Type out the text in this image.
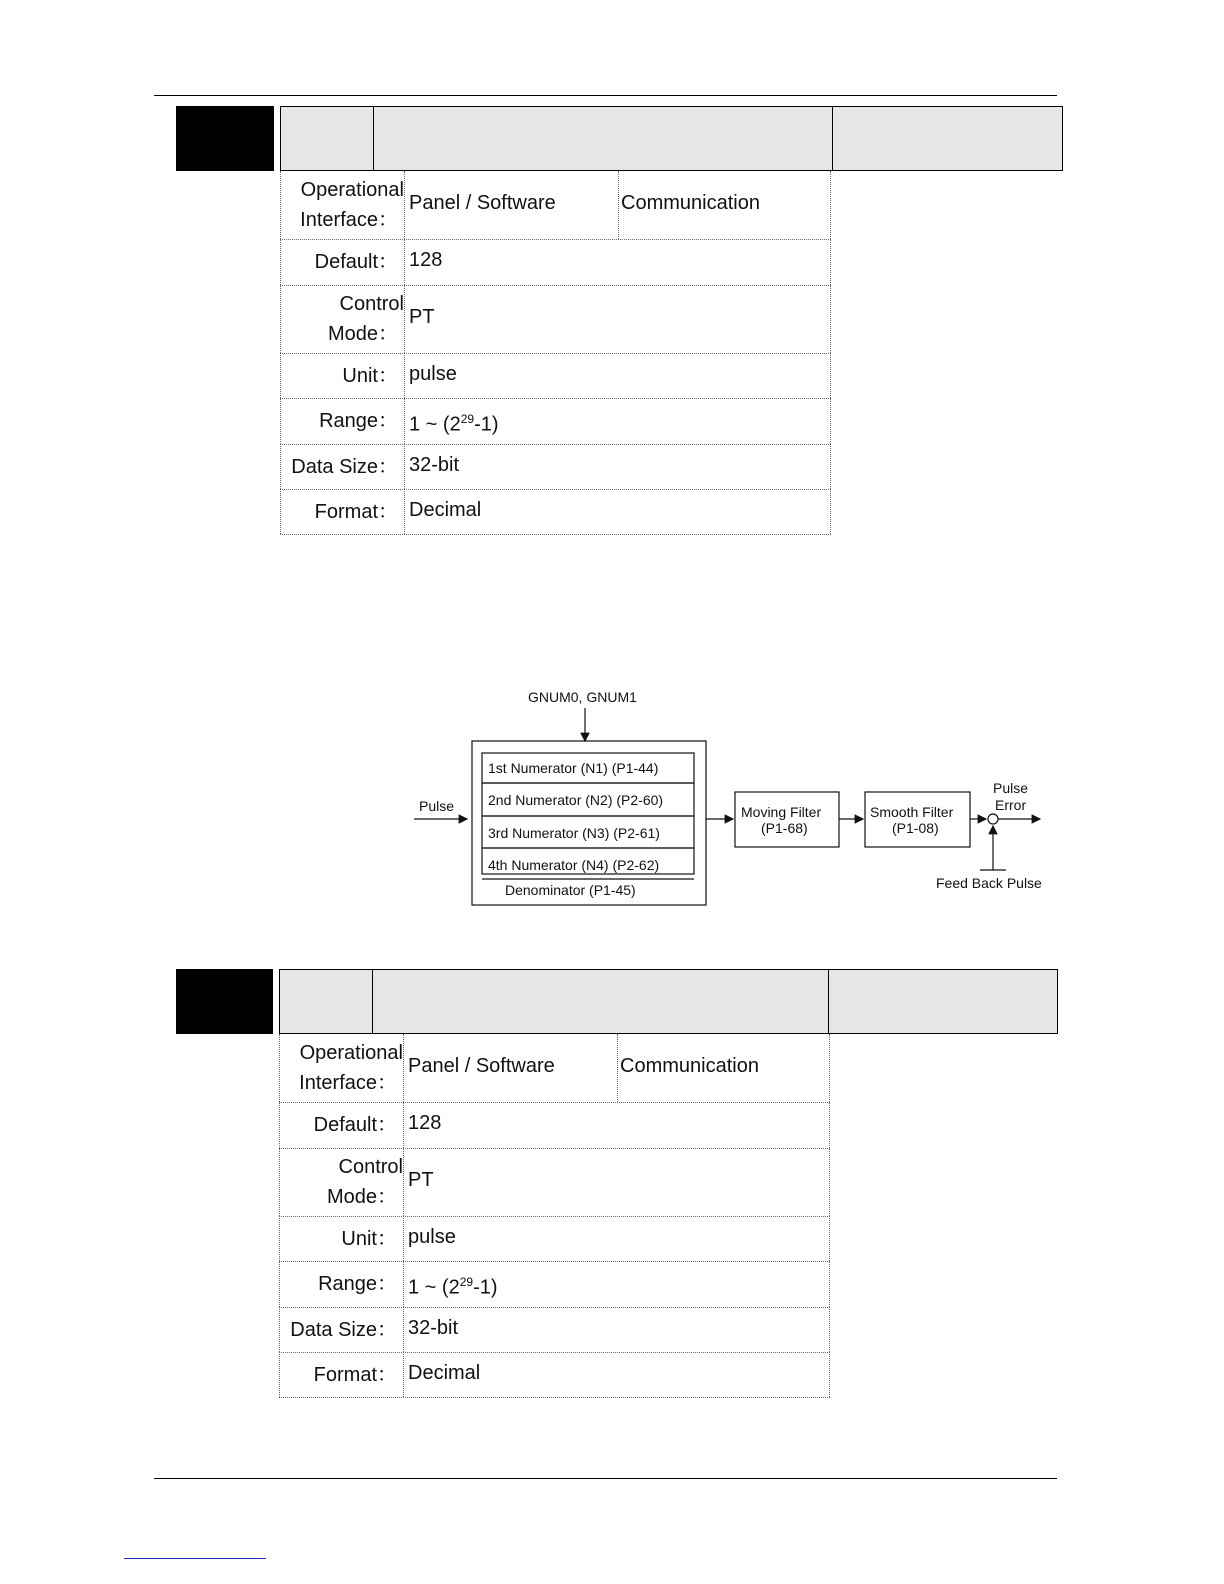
Operational
Interface：
Panel / Software	Communication
Default： 128
Control
Mode：
PT
Unit： pulse
Range： 1 ~ $(2^{29}-1)$
Data Size： 32-bit
Format： Decimal
GNUM0, GNUM1
Pulse
1st Numerator (N1) (P1-44)
2nd Numerator (N2) (P2-60)
3rd Numerator (N3) (P2-61)
4th Numerator (N4) (P2-62)
Denominator (P1-45)
Moving Filter
(P1-68)
Smooth Filter
(P1-08)
Pulse
Error
Feed Back Pulse
Operational
Interface：
Panel / Software	Communication
Default： 128
Control
Mode：
PT
Unit： pulse
Range： 1 ~ $(2^{29}-1)$
Data Size： 32-bit
Format： Decimal
